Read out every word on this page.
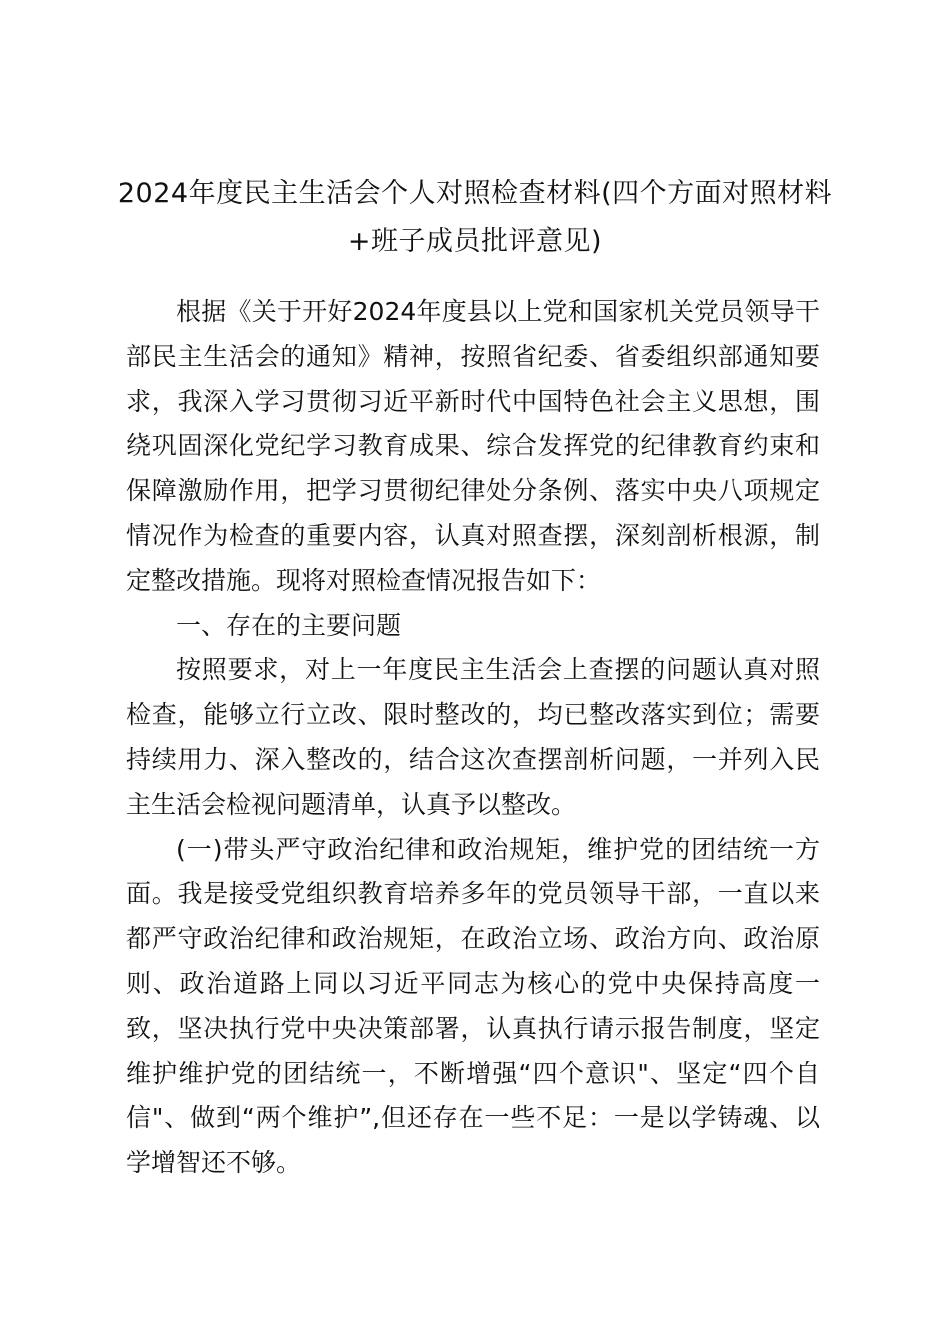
2024年度民主生活会个人对照检查材料(四个方面对照材料+班子成员批评意见)

根据《关于开好2024年度县以上党和国家机关党员领导干部民主生活会的通知》精神，按照省纪委、省委组织部通知要求，我深入学习贯彻习近平新时代中国特色社会主义思想，围绕巩固深化党纪学习教育成果、综合发挥党的纪律教育约束和保障激励作用，把学习贯彻纪律处分条例、落实中央八项规定情况作为检查的重要内容，认真对照查摆，深刻剖析根源，制定整改措施。现将对照检查情况报告如下：

一、存在的主要问题

按照要求，对上一年度民主生活会上查摆的问题认真对照检查，能够立行立改、限时整改的，均已整改落实到位；需要持续用力、深入整改的，结合这次查摆剖析问题，一并列入民主生活会检视问题清单，认真予以整改。

(一)带头严守政治纪律和政治规矩，维护党的团结统一方面。我是接受党组织教育培养多年的党员领导干部，一直以来都严守政治纪律和政治规矩，在政治立场、政治方向、政治原则、政治道路上同以习近平同志为核心的党中央保持高度一致，坚决执行党中央决策部署，认真执行请示报告制度，坚定维护维护党的团结统一，不断增强“四个意识"、坚定“四个自信"、做到“两个维护”,但还存在一些不足：一是以学铸魂、以学增智还不够。
